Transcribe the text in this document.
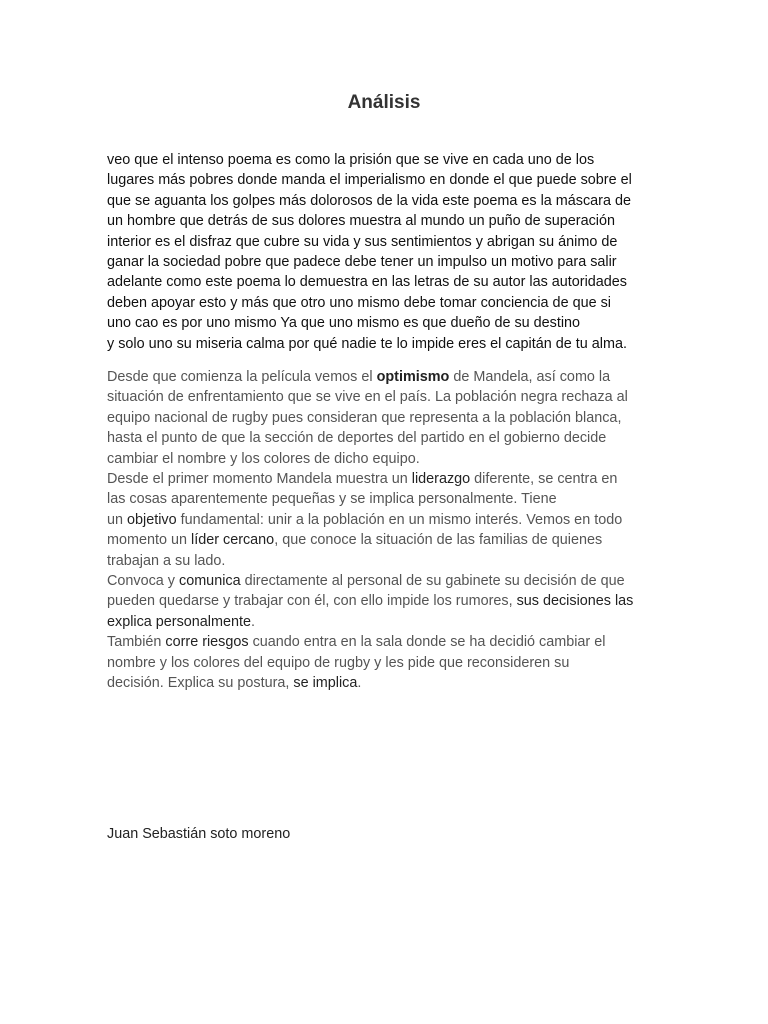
Análisis
veo que el intenso poema es como la prisión que se vive en cada uno de los
lugares más pobres donde manda el imperialismo en donde el que puede sobre el
que se aguanta los golpes más dolorosos de la vida este poema es la máscara de
un hombre que detrás de sus dolores muestra al mundo un puño de superación
interior es el disfraz que cubre su vida y sus sentimientos y abrigan su ánimo de
ganar la sociedad pobre que padece debe tener un impulso un motivo para salir
adelante como este poema lo demuestra en las letras de su autor las autoridades
deben apoyar esto y más que otro uno mismo debe tomar conciencia de que si
uno cao es por uno mismo Ya que uno mismo es que dueño de su destino
y solo uno su miseria calma por qué nadie te lo impide eres el capitán de tu alma.
Desde que comienza la película vemos el optimismo de Mandela, así como la
situación de enfrentamiento que se vive en el país. La población negra rechaza al
equipo nacional de rugby pues consideran que representa a la población blanca,
hasta el punto de que la sección de deportes del partido en el gobierno decide
cambiar el nombre y los colores de dicho equipo.
Desde el primer momento Mandela muestra un liderazgo diferente, se centra en
las cosas aparentemente pequeñas y se implica personalmente. Tiene
un objetivo fundamental: unir a la población en un mismo interés. Vemos en todo
momento un líder cercano, que conoce la situación de las familias de quienes
trabajan a su lado.
Convoca y comunica directamente al personal de su gabinete su decisión de que
pueden quedarse y trabajar con él, con ello impide los rumores, sus decisiones las
explica personalmente.
También corre riesgos cuando entra en la sala donde se ha decidió cambiar el
nombre y los colores del equipo de rugby y les pide que reconsideren su
decisión. Explica su postura, se implica.
Juan Sebastián soto moreno
